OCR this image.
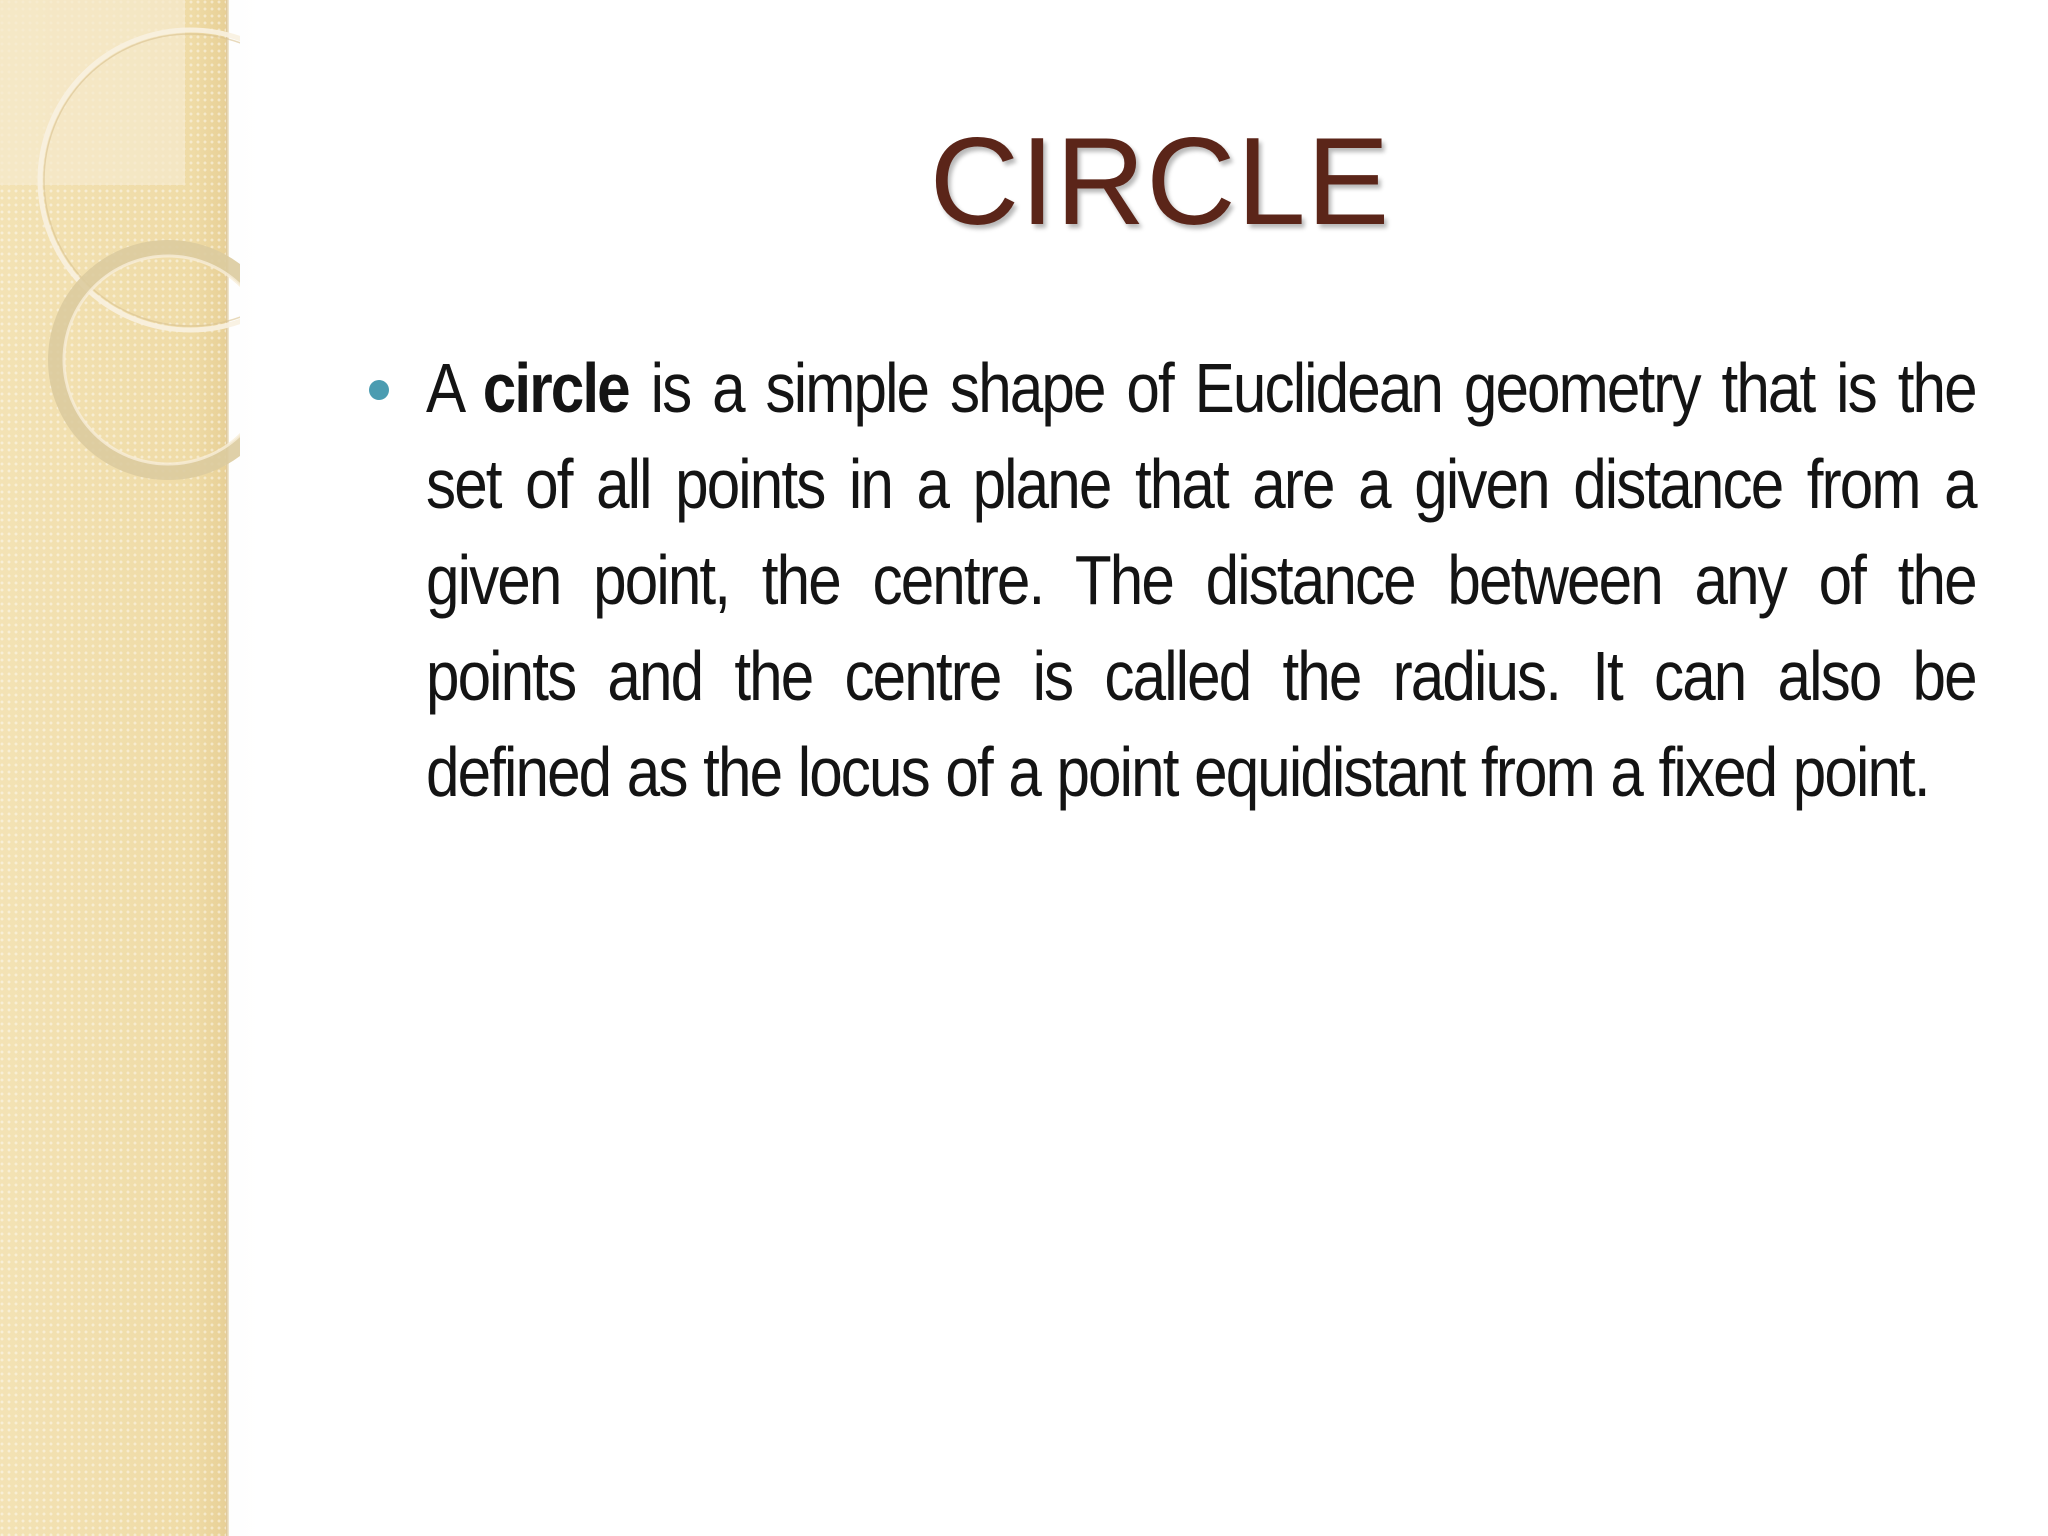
CIRCLE
A circle is a simple shape of Euclidean geometry that is the set of all points in a plane that are a given distance from a given point, the centre. The distance between any of the points and the centre is called the radius. It can also be defined as the locus of a point equidistant from a fixed point.
